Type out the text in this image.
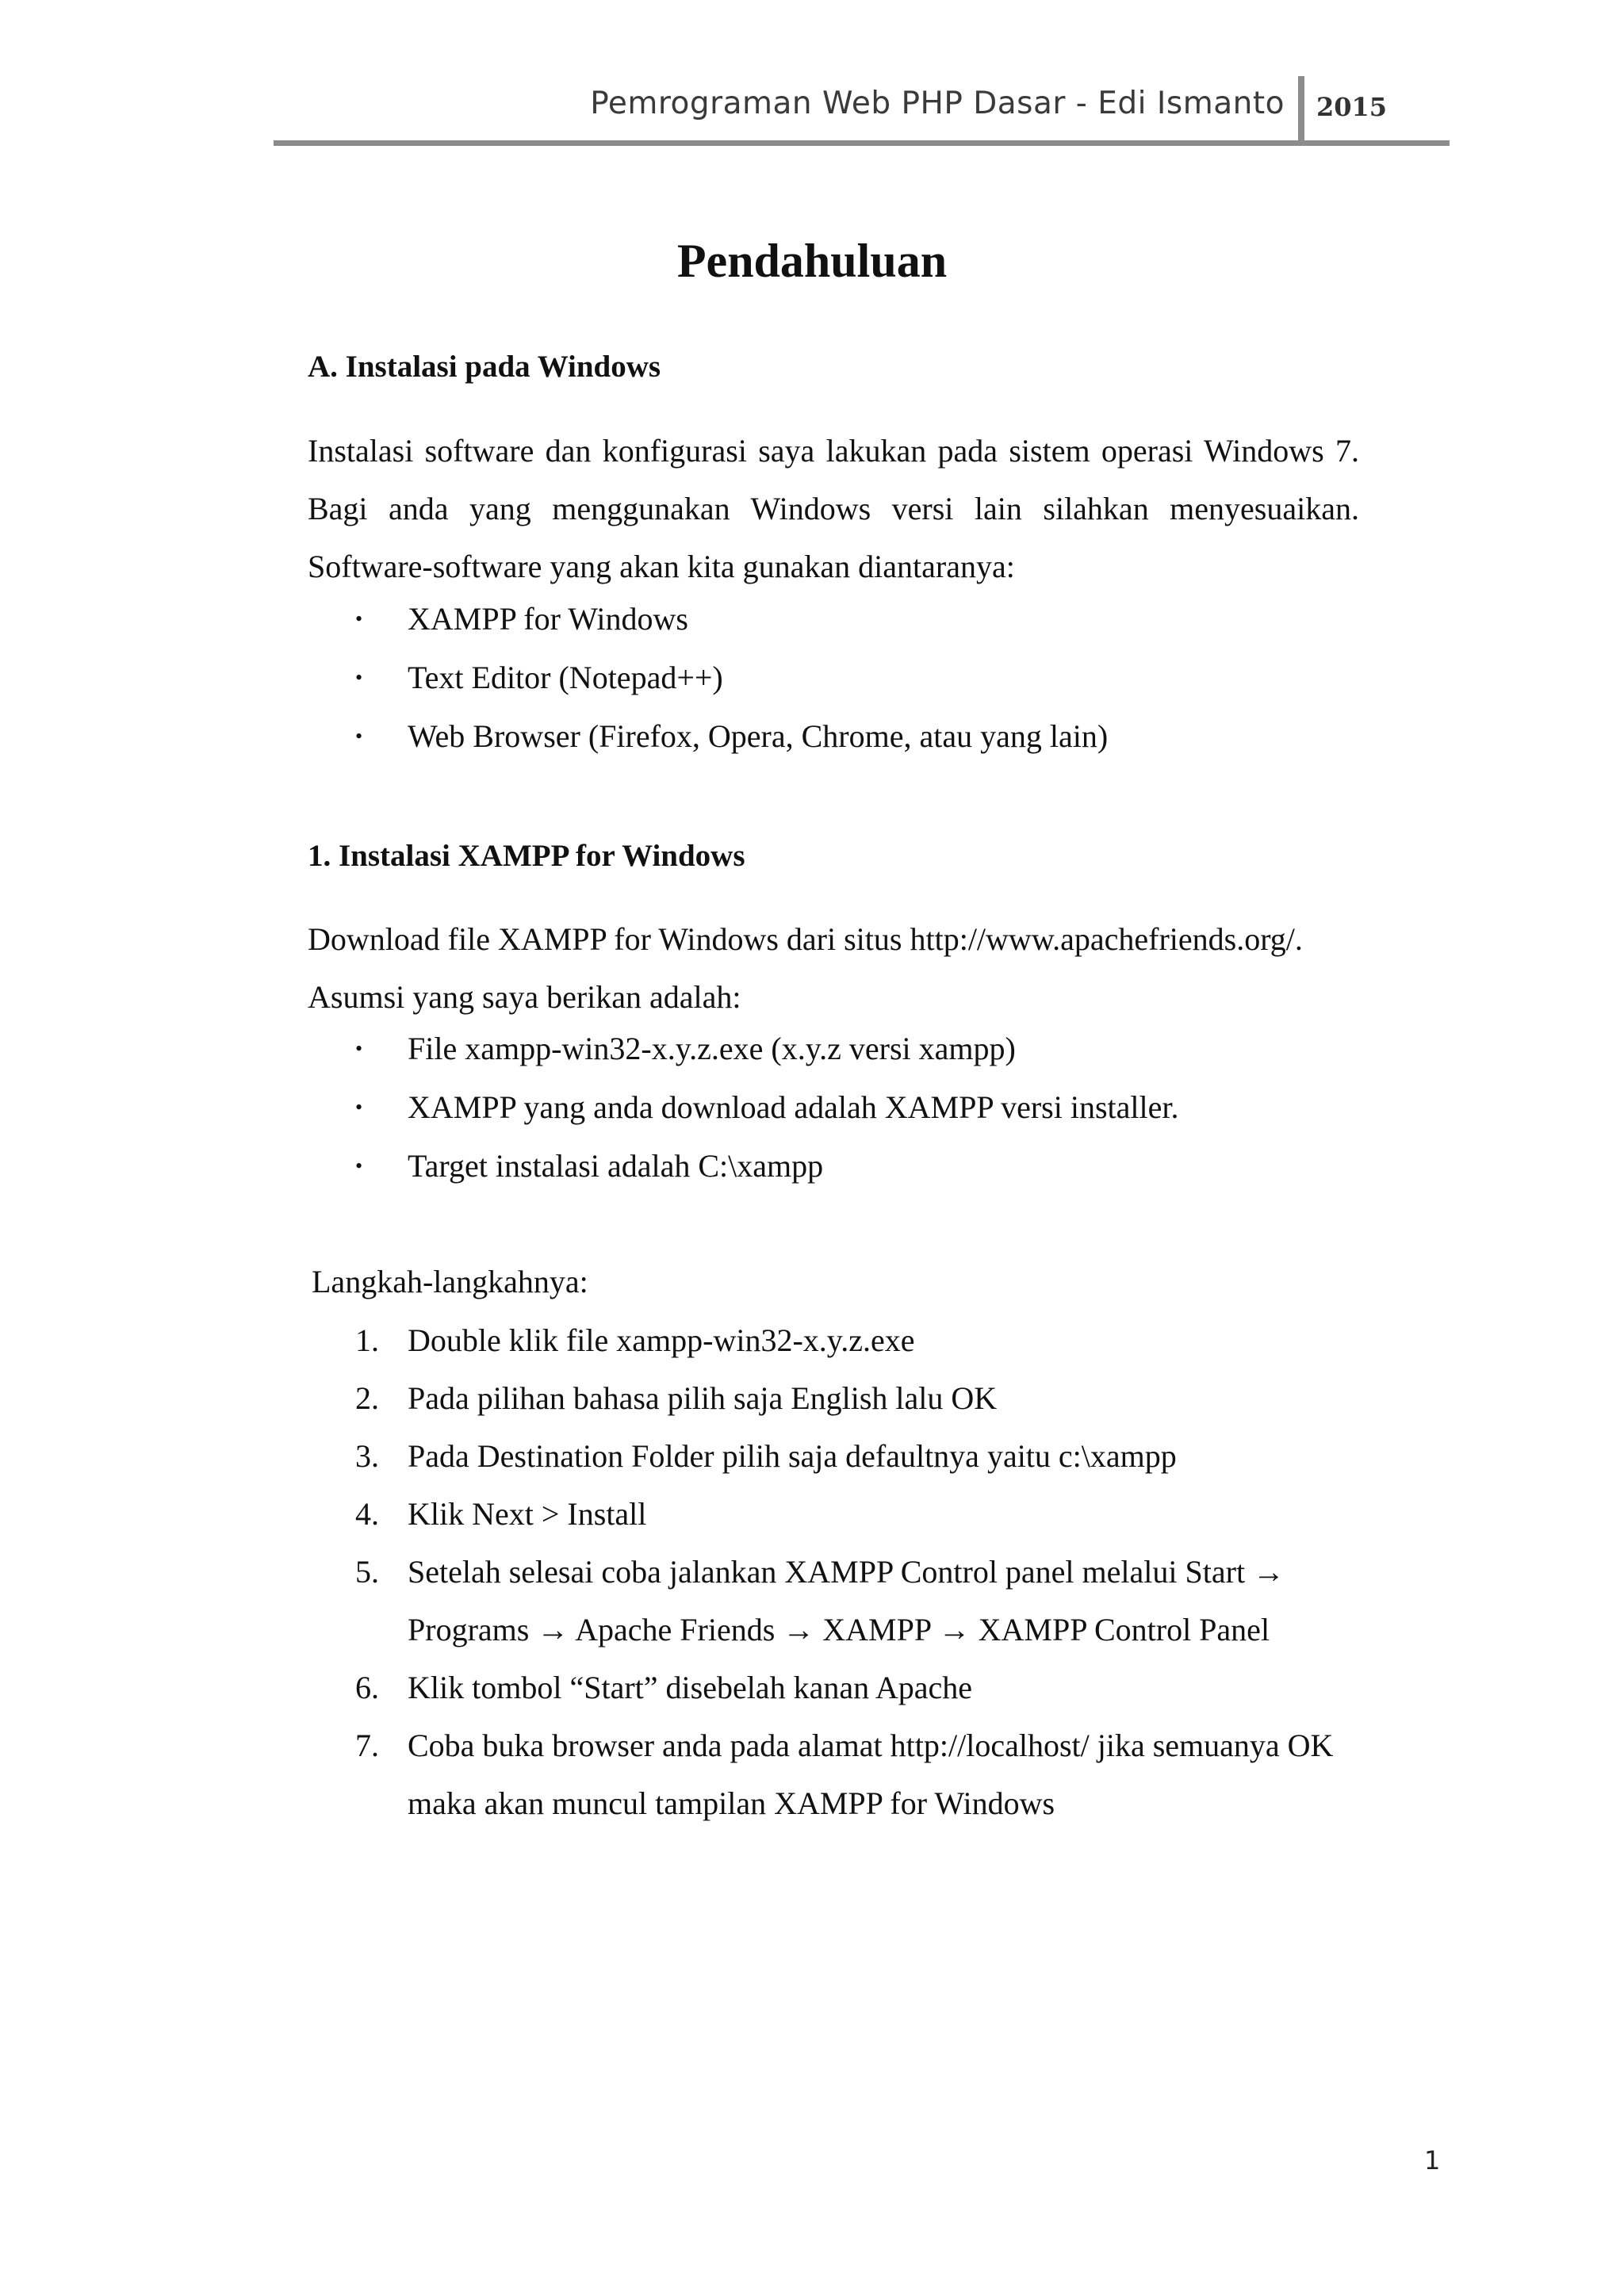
Pemrograman Web PHP Dasar - Edi Ismanto 2015
Pendahuluan
A. Instalasi pada Windows

Instalasi software dan konfigurasi saya lakukan pada sistem operasi Windows 7.

Bagi anda yang menggunakan Windows versi lain silahkan menyesuaikan.

Software-software yang akan kita gunakan diantaranya:

• XAMPP for Windows
• Text Editor (Notepad++)
• Web Browser (Firefox, Opera, Chrome, atau yang lain)
1. Instalasi XAMPP for Windows

Download file XAMPP for Windows dari situs http://www.apachefriends.org/.

Asumsi yang saya berikan adalah:

• File xampp-win32-x.y.z.exe (x.y.z versi xampp)
• XAMPP yang anda download adalah XAMPP versi installer.
• Target instalasi adalah C:\xampp
Langkah-langkahnya:
1. Double klik file xampp-win32-x.y.z.exe
2. Pada pilihan bahasa pilih saja English lalu OK
3. Pada Destination Folder pilih saja defaultnya yaitu c:\xampp
4. Klik Next > Install
5. Setelah selesai coba jalankan XAMPP Control panel melalui Start →
Programs → Apache Friends → XAMPP → XAMPP Control Panel
6. Klik tombol “Start” disebelah kanan Apache
7. Coba buka browser anda pada alamat http://localhost/ jika semuanya OK
maka akan muncul tampilan XAMPP for Windows
1
